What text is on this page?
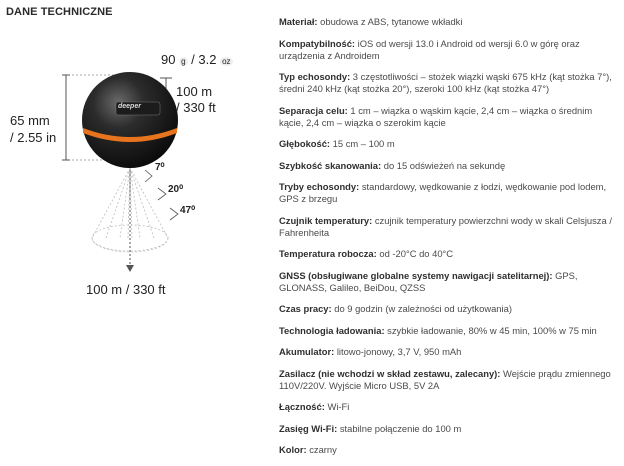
DANE TECHNICZNE
90 g / 3.2 oz
65 mm
/ 2.55 in
100 m
/ 330 ft
deeper
7⁰
20⁰
47⁰
100 m / 330 ft
Materiał: obudowa z ABS, tytanowe wkładki
Kompatybilność: iOS od wersji 13.0 i Android od wersji 6.0 w górę oraz urządzenia z Androidem
Typ echosondy: 3 częstotliwości – stożek wiązki wąski 675 kHz (kąt stożka 7°), średni 240 kHz (kąt stożka 20°), szeroki 100 kHz (kąt stożka 47°)
Separacja celu: 1 cm – wiązka o wąskim kącie, 2,4 cm – wiązka o średnim kącie, 2,4 cm – wiązka o szerokim kącie
Głębokość: 15 cm – 100 m
Szybkość skanowania: do 15 odświeżeń na sekundę
Tryby echosondy: standardowy, wędkowanie z łodzi, wędkowanie pod lodem, GPS z brzegu
Czujnik temperatury: czujnik temperatury powierzchni wody w skali Celsjusza / Fahrenheita
Temperatura robocza: od -20°C do 40°C
GNSS (obsługiwane globalne systemy nawigacji satelitarnej): GPS, GLONASS, Galileo, BeiDou, QZSS
Czas pracy: do 9 godzin (w zależności od użytkowania)
Technologia ładowania: szybkie ładowanie, 80% w 45 min, 100% w 75 min
Akumulator: litowo-jonowy, 3,7 V, 950 mAh
Zasilacz (nie wchodzi w skład zestawu, zalecany): Wejście prądu zmiennego 110V/220V. Wyjście Micro USB, 5V 2A
Łączność: Wi-Fi
Zasięg Wi-Fi: stabilne połączenie do 100 m
Kolor: czarny
